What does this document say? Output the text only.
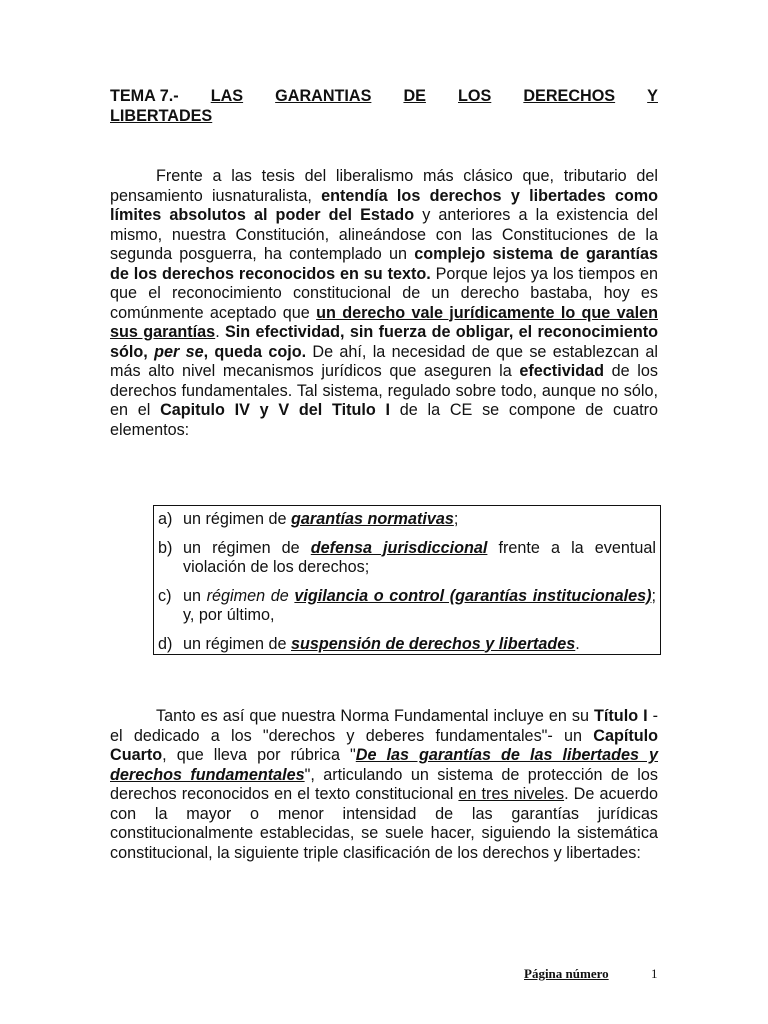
TEMA 7.- LAS GARANTIAS DE LOS DERECHOS Y
LIBERTADES

Frente a las tesis del liberalismo más clásico que, tributario del pensamiento iusnaturalista, entendía los derechos y libertades como límites absolutos al poder del Estado y anteriores a la existencia del mismo, nuestra Constitución, alineándose con las Constituciones de la segunda posguerra, ha contemplado un complejo sistema de garantías de los derechos reconocidos en su texto. Porque lejos ya los tiempos en que el reconocimiento constitucional de un derecho bastaba, hoy es comúnmente aceptado que un derecho vale jurídicamente lo que valen sus garantías. Sin efectividad, sin fuerza de obligar, el reconocimiento sólo, per se, queda cojo. De ahí, la necesidad de que se establezcan al más alto nivel mecanismos jurídicos que aseguren la efectividad de los derechos fundamentales. Tal sistema, regulado sobre todo, aunque no sólo, en el Capitulo IV y V del Titulo I de la CE se compone de cuatro elementos:

a) un régimen de garantías normativas;
b) un régimen de defensa jurisdiccional frente a la eventual violación de los derechos;
c) un régimen de vigilancia o control (garantías institucionales); y, por último,
d) un régimen de suspensión de derechos y libertades.

Tanto es así que nuestra Norma Fundamental incluye en su Título I -el dedicado a los "derechos y deberes fundamentales"- un Capítulo Cuarto, que lleva por rúbrica "De las garantías de las libertades y derechos fundamentales", articulando un sistema de protección de los derechos reconocidos en el texto constitucional en tres niveles. De acuerdo con la mayor o menor intensidad de las garantías jurídicas constitucionalmente establecidas, se suele hacer, siguiendo la sistemática constitucional, la siguiente triple clasificación de los derechos y libertades:

Página número	1
